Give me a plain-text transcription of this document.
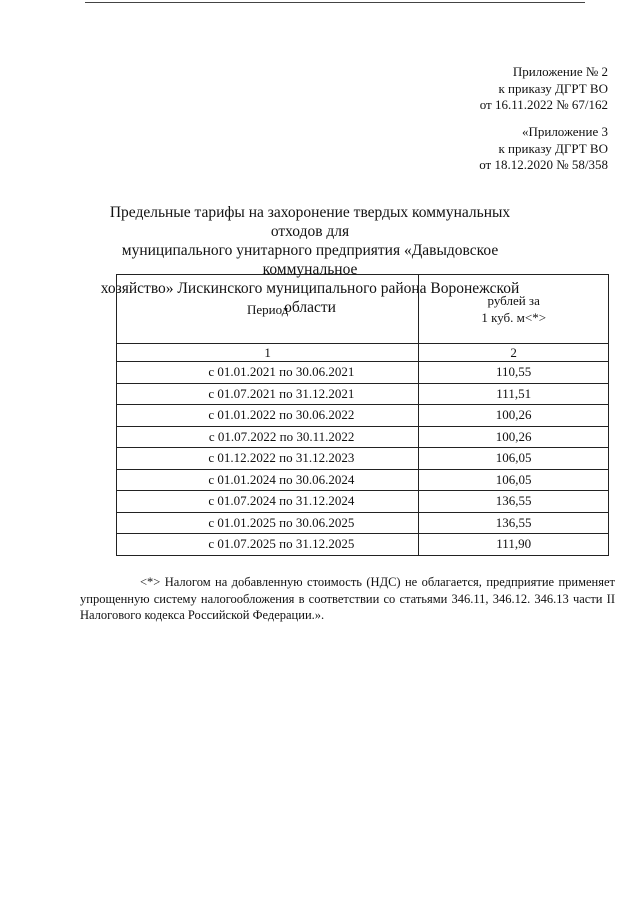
Приложение № 2
к приказу ДГРТ ВО
от 16.11.2022 № 67/162
«Приложение 3
к приказу ДГРТ ВО
от 18.12.2020 № 58/358
Предельные тарифы на захоронение твердых коммунальных отходов для
муниципального унитарного предприятия «Давыдовское коммунальное
хозяйство» Лискинского муниципального района Воронежской области
Период	рублей за
1 куб. м<*>

1	2
с 01.01.2021 по 30.06.2021	110,55
с 01.07.2021 по 31.12.2021	111,51
с 01.01.2022 по 30.06.2022	100,26
с 01.07.2022 по 30.11.2022	100,26
с 01.12.2022 по 31.12.2023	106,05
с 01.01.2024 по 30.06.2024	106,05
с 01.07.2024 по 31.12.2024	136,55
с 01.01.2025 по 30.06.2025	136,55
с 01.07.2025 по 31.12.2025	111,90
<*> Налогом на добавленную стоимость (НДС) не облагается, предприятие применяет упрощенную систему налогообложения в соответствии со статьями 346.11, 346.12. 346.13 части II Налогового кодекса Российской Федерации.».
